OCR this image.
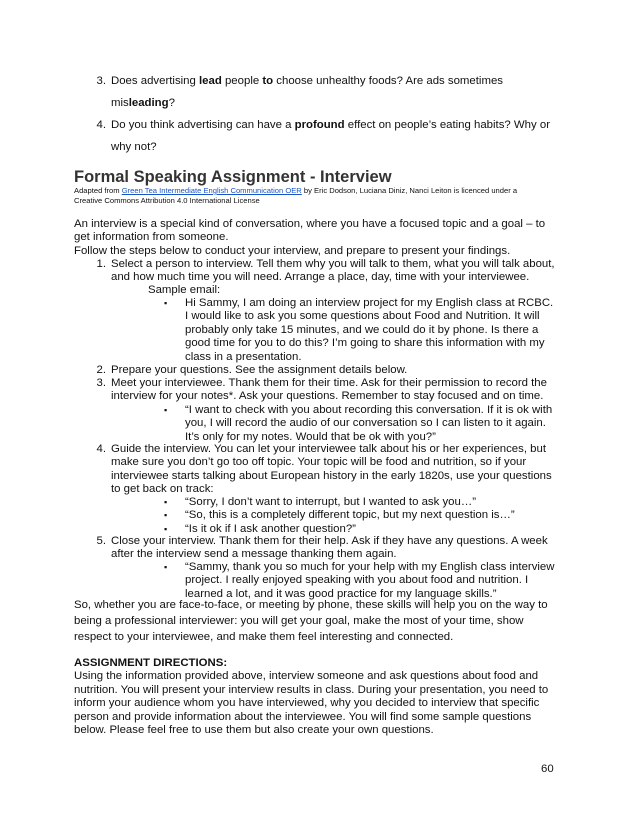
3. Does advertising lead people to choose unhealthy foods? Are ads sometimes
misleading?
4. Do you think advertising can have a profound effect on people’s eating habits? Why or
why not?
Formal Speaking Assignment - Interview
Adapted from Green Tea Intermediate English Communication OER by Eric Dodson, Luciana Diniz, Nanci Leiton is licenced under a
Creative Commons Attribution 4.0 International License
An interview is a special kind of conversation, where you have a focused topic and a goal – to
get information from someone.
Follow the steps below to conduct your interview, and prepare to present your findings.
1. Select a person to interview. Tell them why you will talk to them, what you will talk about,
and how much time you will need. Arrange a place, day, time with your interviewee.
Sample email:
▪ Hi Sammy, I am doing an interview project for my English class at RCBC.
I would like to ask you some questions about Food and Nutrition. It will
probably only take 15 minutes, and we could do it by phone. Is there a
good time for you to do this? I’m going to share this information with my
class in a presentation.
2. Prepare your questions. See the assignment details below.
3. Meet your interviewee. Thank them for their time. Ask for their permission to record the
interview for your notes*. Ask your questions. Remember to stay focused and on time.
▪ “I want to check with you about recording this conversation. If it is ok with
you, I will record the audio of our conversation so I can listen to it again.
It’s only for my notes. Would that be ok with you?”
4. Guide the interview. You can let your interviewee talk about his or her experiences, but
make sure you don’t go too off topic. Your topic will be food and nutrition, so if your
interviewee starts talking about European history in the early 1820s, use your questions
to get back on track:
▪ “Sorry, I don’t want to interrupt, but I wanted to ask you…”
▪ “So, this is a completely different topic, but my next question is…”
▪ “Is it ok if I ask another question?”
5. Close your interview. Thank them for their help. Ask if they have any questions. A week
after the interview send a message thanking them again.
▪ “Sammy, thank you so much for your help with my English class interview
project. I really enjoyed speaking with you about food and nutrition. I
learned a lot, and it was good practice for my language skills.”
So, whether you are face-to-face, or meeting by phone, these skills will help you on the way to
being a professional interviewer: you will get your goal, make the most of your time, show
respect to your interviewee, and make them feel interesting and connected.
ASSIGNMENT DIRECTIONS:
Using the information provided above, interview someone and ask questions about food and
nutrition. You will present your interview results in class. During your presentation, you need to
inform your audience whom you have interviewed, why you decided to interview that specific
person and provide information about the interviewee. You will find some sample questions
below. Please feel free to use them but also create your own questions.
60
